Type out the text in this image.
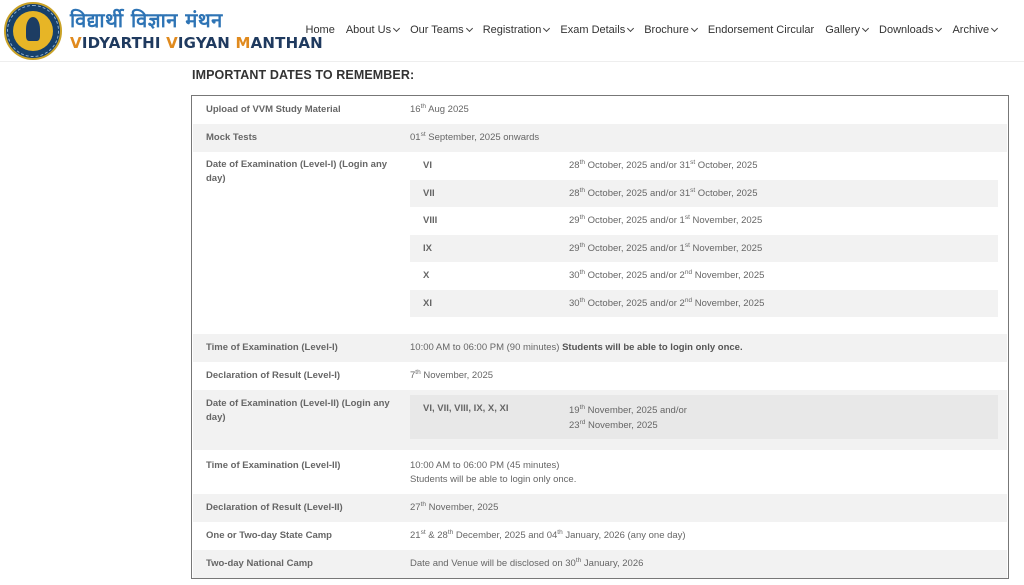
विद्यार्थी विज्ञान मंथन
VIDYARTHI VIGYAN MANTHAN
Home About Us Our Teams Registration Exam Details Brochure Endorsement Circular Gallery Downloads Archive
IMPORTANT DATES TO REMEMBER:
Upload of VVM Study Material	16th Aug 2025
Mock Tests	01st September, 2025 onwards
Date of Examination (Level-I) (Login any day)
VI	28th October, 2025 and/or 31st October, 2025
VII	28th October, 2025 and/or 31st October, 2025
VIII	29th October, 2025 and/or 1st November, 2025
IX	29th October, 2025 and/or 1st November, 2025
X	30th October, 2025 and/or 2nd November, 2025
XI	30th October, 2025 and/or 2nd November, 2025
Time of Examination (Level-I)	10:00 AM to 06:00 PM (90 minutes) Students will be able to login only once.
Declaration of Result (Level-I)	7th November, 2025
Date of Examination (Level-II) (Login any day)
VI, VII, VIII, IX, X, XI	19th November, 2025 and/or
23rd November, 2025
Time of Examination (Level-II)	10:00 AM to 06:00 PM (45 minutes)
Students will be able to login only once.
Declaration of Result (Level-II)	27th November, 2025
One or Two-day State Camp	21st & 28th December, 2025 and 04th January, 2026 (any one day)
Two-day National Camp	Date and Venue will be disclosed on 30th January, 2026
